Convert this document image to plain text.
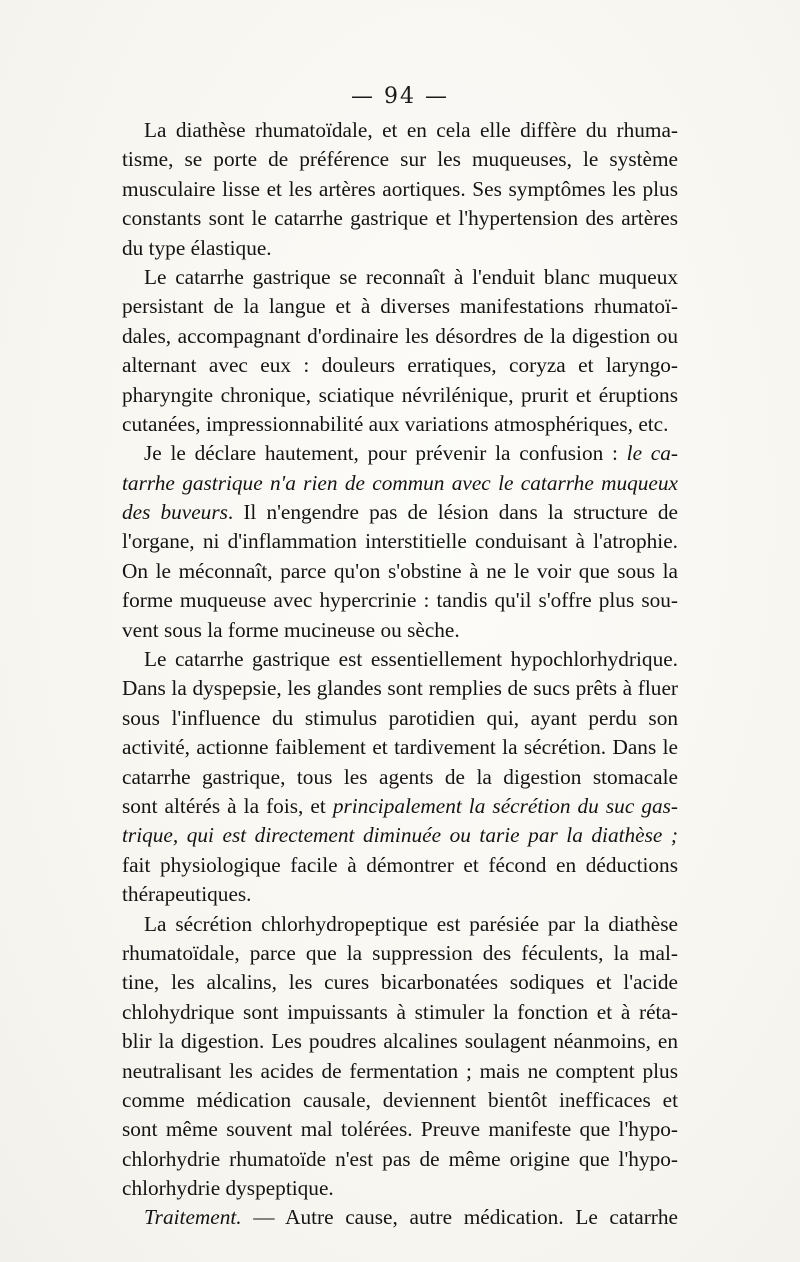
— 94 —
La diathèse rhumatoïdale, et en cela elle diffère du rhuma-
tisme, se porte de préférence sur les muqueuses, le système
musculaire lisse et les artères aortiques. Ses symptômes les plus
constants sont le catarrhe gastrique et l'hypertension des artères
du type élastique.
Le catarrhe gastrique se reconnaît à l'enduit blanc muqueux
persistant de la langue et à diverses manifestations rhumatoï-
dales, accompagnant d'ordinaire les désordres de la digestion ou
alternant avec eux : douleurs erratiques, coryza et laryngo-
pharyngite chronique, sciatique névrilénique, prurit et éruptions
cutanées, impressionnabilité aux variations atmosphériques, etc.
Je le déclare hautement, pour prévenir la confusion : le ca-
tarrhe gastrique n'a rien de commun avec le catarrhe muqueux
des buveurs. Il n'engendre pas de lésion dans la structure de
l'organe, ni d'inflammation interstitielle conduisant à l'atrophie.
On le méconnaît, parce qu'on s'obstine à ne le voir que sous la
forme muqueuse avec hypercrinie : tandis qu'il s'offre plus sou-
vent sous la forme mucineuse ou sèche.
Le catarrhe gastrique est essentiellement hypochlorhydrique.
Dans la dyspepsie, les glandes sont remplies de sucs prêts à fluer
sous l'influence du stimulus parotidien qui, ayant perdu son
activité, actionne faiblement et tardivement la sécrétion. Dans le
catarrhe gastrique, tous les agents de la digestion stomacale
sont altérés à la fois, et principalement la sécrétion du suc gas-
trique, qui est directement diminuée ou tarie par la diathèse ;
fait physiologique facile à démontrer et fécond en déductions
thérapeutiques.
La sécrétion chlorhydropeptique est parésiée par la diathèse
rhumatoïdale, parce que la suppression des féculents, la mal-
tine, les alcalins, les cures bicarbonatées sodiques et l'acide
chlohydrique sont impuissants à stimuler la fonction et à réta-
blir la digestion. Les poudres alcalines soulagent néanmoins, en
neutralisant les acides de fermentation ; mais ne comptent plus
comme médication causale, deviennent bientôt inefficaces et
sont même souvent mal tolérées. Preuve manifeste que l'hypo-
chlorhydrie rhumatoïde n'est pas de même origine que l'hypo-
chlorhydrie dyspeptique.
Traitement. — Autre cause, autre médication. Le catarrhe
